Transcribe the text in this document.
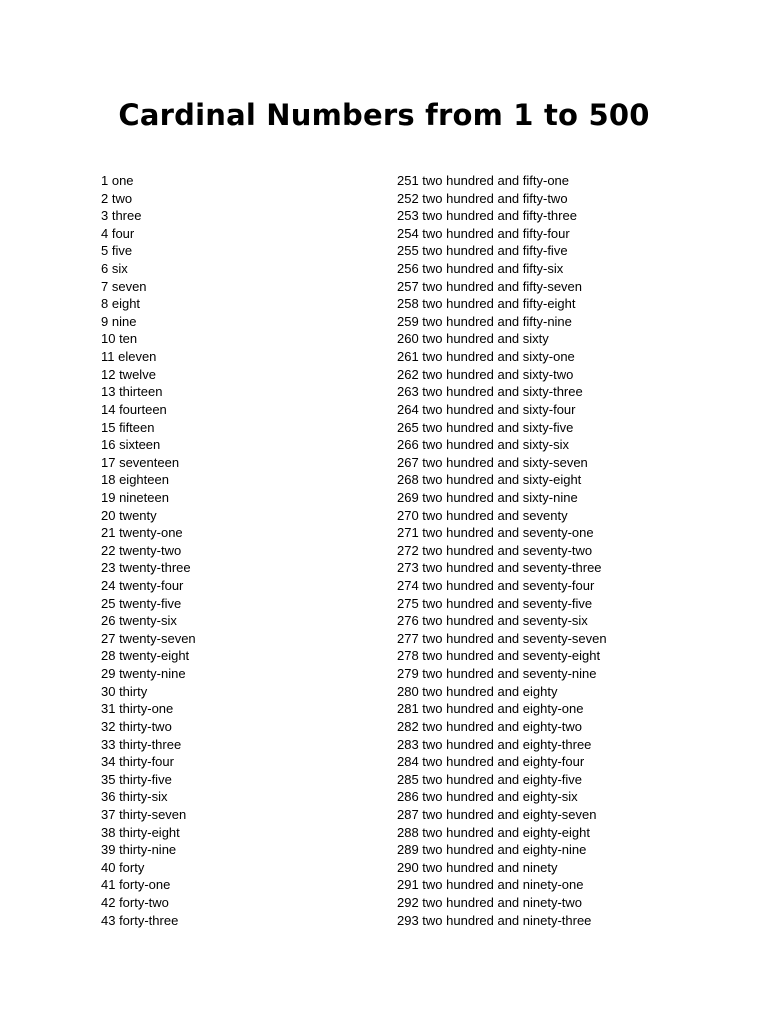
Cardinal Numbers from 1 to 500
1 one
2 two
3 three
4 four
5 five
6 six
7 seven
8 eight
9 nine
10 ten
11 eleven
12 twelve
13 thirteen
14 fourteen
15 fifteen
16 sixteen
17 seventeen
18 eighteen
19 nineteen
20 twenty
21 twenty-one
22 twenty-two
23 twenty-three
24 twenty-four
25 twenty-five
26 twenty-six
27 twenty-seven
28 twenty-eight
29 twenty-nine
30 thirty
31 thirty-one
32 thirty-two
33 thirty-three
34 thirty-four
35 thirty-five
36 thirty-six
37 thirty-seven
38 thirty-eight
39 thirty-nine
40 forty
41 forty-one
42 forty-two
43 forty-three
251 two hundred and fifty-one
252 two hundred and fifty-two
253 two hundred and fifty-three
254 two hundred and fifty-four
255 two hundred and fifty-five
256 two hundred and fifty-six
257 two hundred and fifty-seven
258 two hundred and fifty-eight
259 two hundred and fifty-nine
260 two hundred and sixty
261 two hundred and sixty-one
262 two hundred and sixty-two
263 two hundred and sixty-three
264 two hundred and sixty-four
265 two hundred and sixty-five
266 two hundred and sixty-six
267 two hundred and sixty-seven
268 two hundred and sixty-eight
269 two hundred and sixty-nine
270 two hundred and seventy
271 two hundred and seventy-one
272 two hundred and seventy-two
273 two hundred and seventy-three
274 two hundred and seventy-four
275 two hundred and seventy-five
276 two hundred and seventy-six
277 two hundred and seventy-seven
278 two hundred and seventy-eight
279 two hundred and seventy-nine
280 two hundred and eighty
281 two hundred and eighty-one
282 two hundred and eighty-two
283 two hundred and eighty-three
284 two hundred and eighty-four
285 two hundred and eighty-five
286 two hundred and eighty-six
287 two hundred and eighty-seven
288 two hundred and eighty-eight
289 two hundred and eighty-nine
290 two hundred and ninety
291 two hundred and ninety-one
292 two hundred and ninety-two
293 two hundred and ninety-three
